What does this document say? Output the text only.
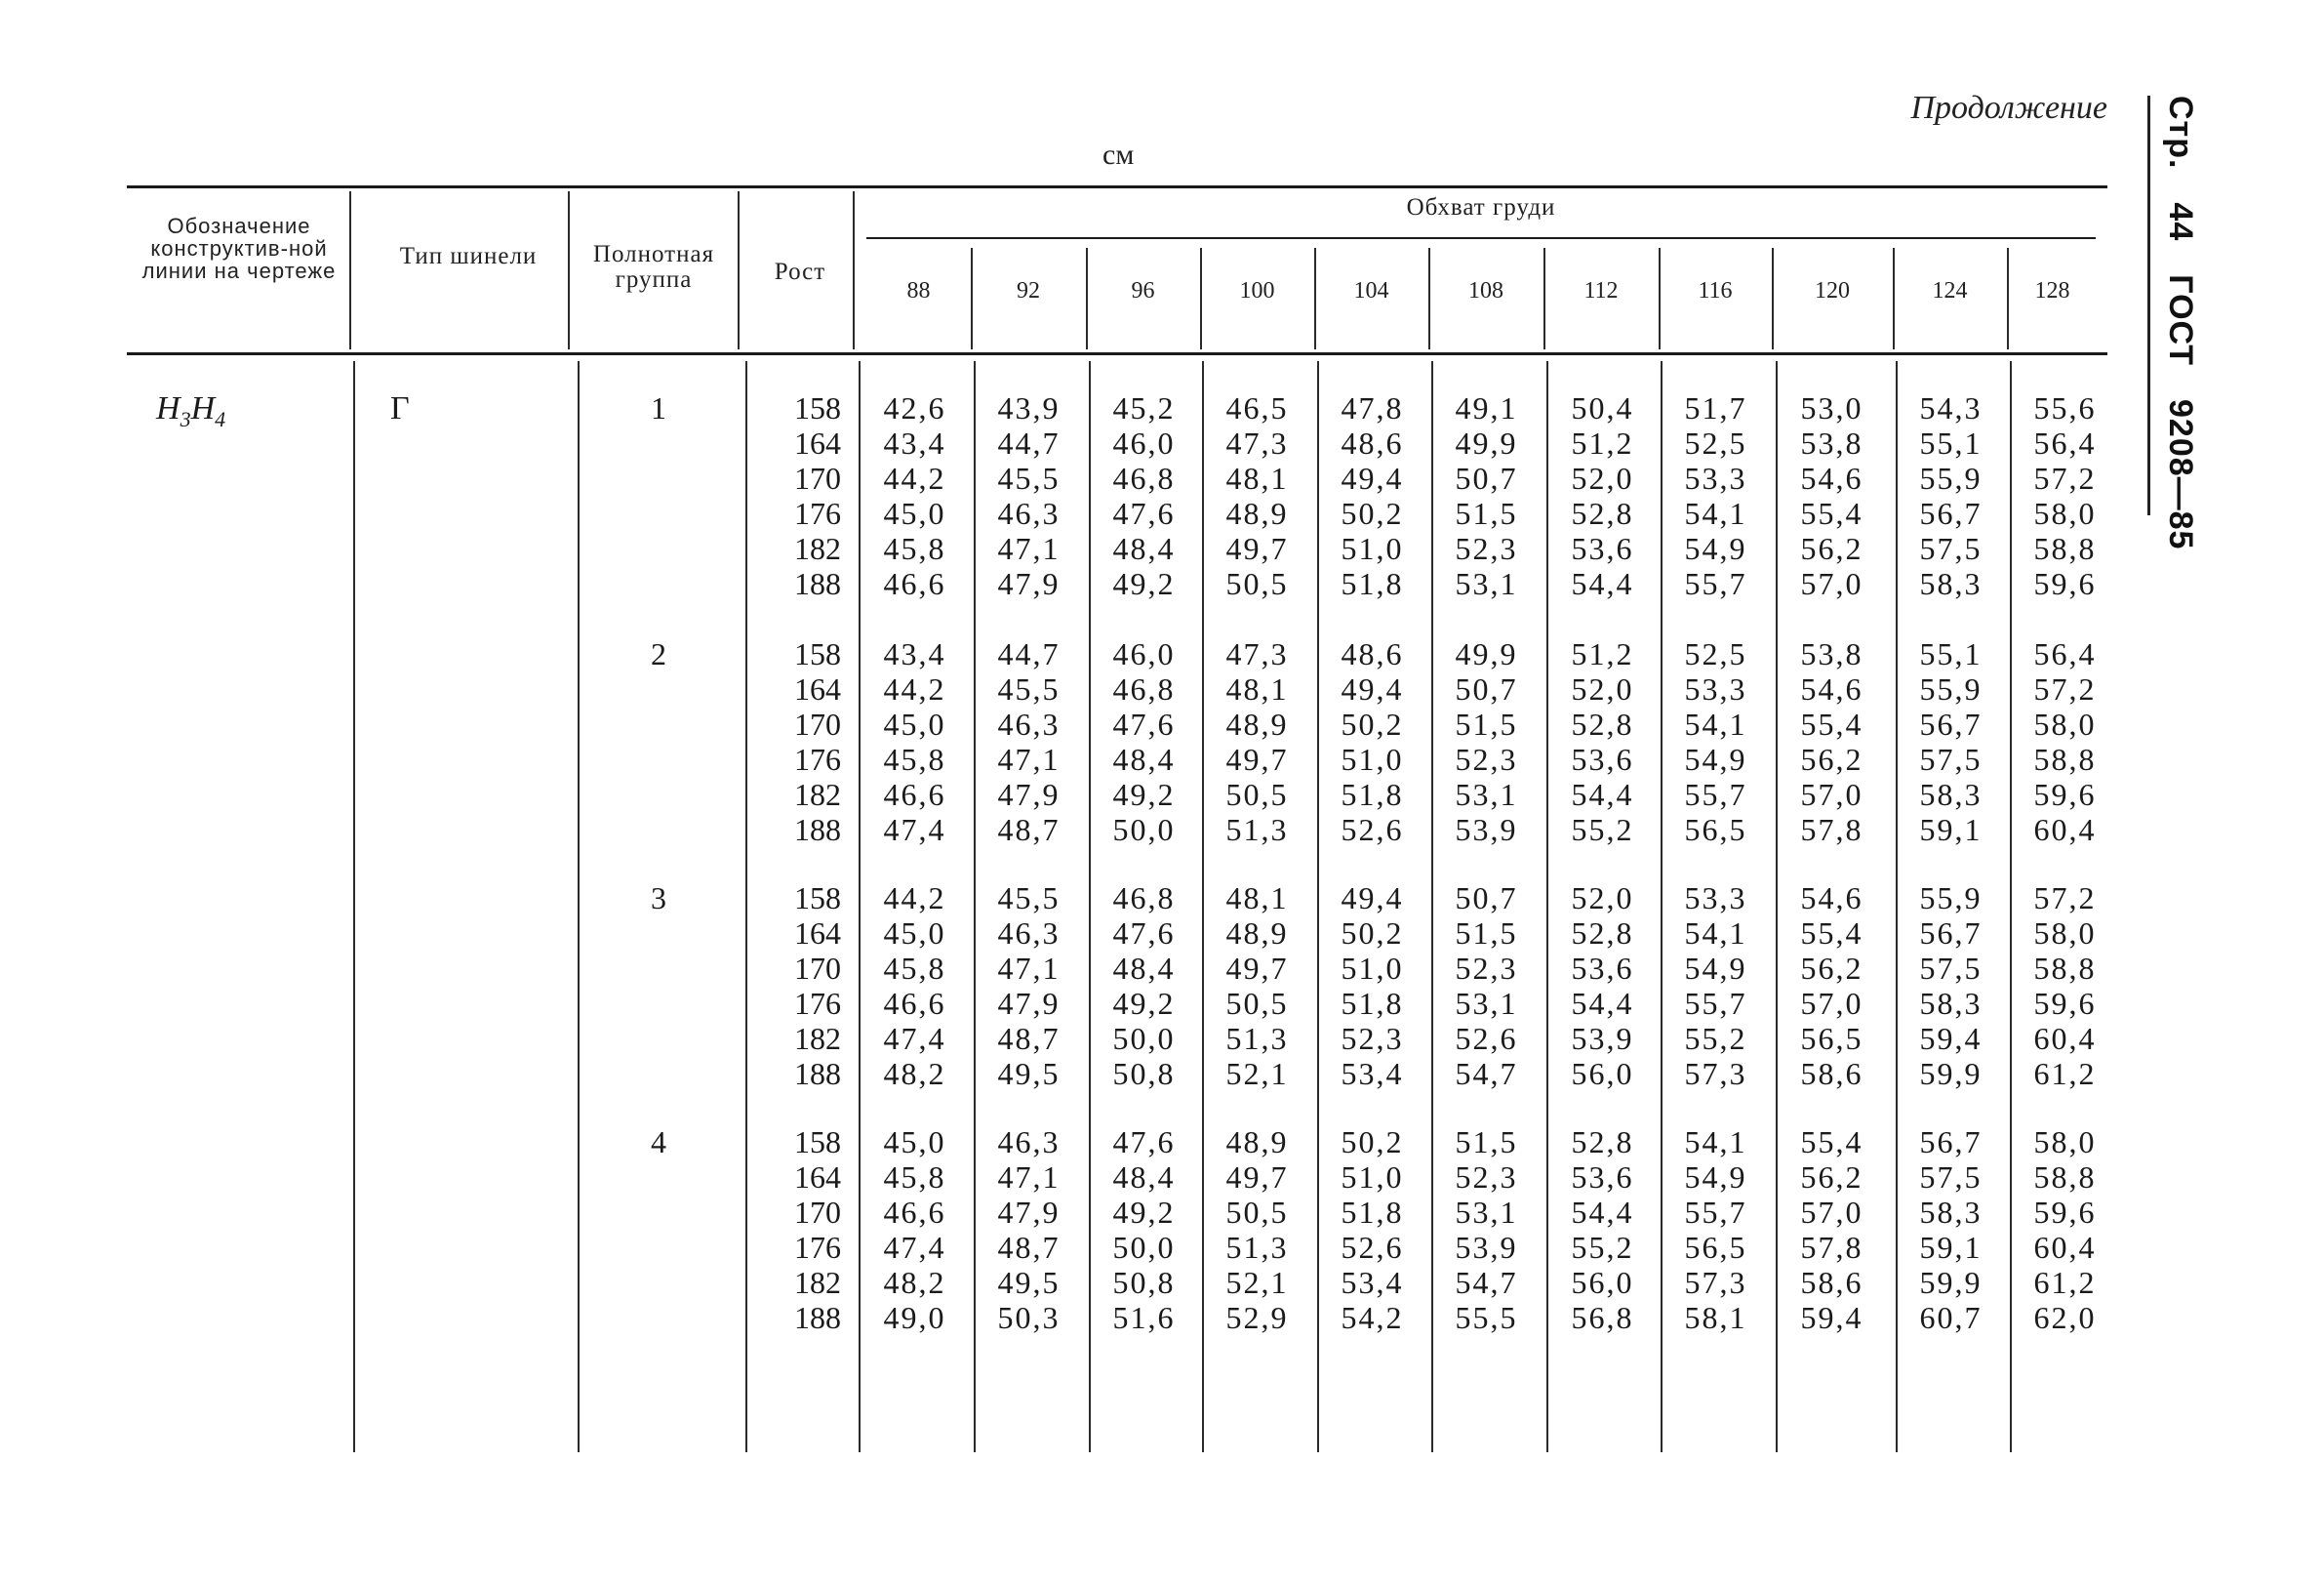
Продолжение
см	Стр.44ГОСТ9208—85
Обозначение конструктив-ной линии на чертеже
Тип шинели	Полнотная группа	Рост
Обхват груди
88	92	96	100	104	108	112	116	120	124	128
$Н_3Н_4$	Г	1	158	42,6	43,9	45,2	46,5	47,8	49,1	50,4	51,7	53,0	54,3	55,6
164	43,4	44,7	46,0	47,3	48,6	49,9	51,2	52,5	53,8	55,1	56,4
170	44,2	45,5	46,8	48,1	49,4	50,7	52,0	53,3	54,6	55,9	57,2
176	45,0	46,3	47,6	48,9	50,2	51,5	52,8	54,1	55,4	56,7	58,0
182	45,8	47,1	48,4	49,7	51,0	52,3	53,6	54,9	56,2	57,5	58,8
188	46,6	47,9	49,2	50,5	51,8	53,1	54,4	55,7	57,0	58,3	59,6
2	158	43,4	44,7	46,0	47,3	48,6	49,9	51,2	52,5	53,8	55,1	56,4
164	44,2	45,5	46,8	48,1	49,4	50,7	52,0	53,3	54,6	55,9	57,2
170	45,0	46,3	47,6	48,9	50,2	51,5	52,8	54,1	55,4	56,7	58,0
176	45,8	47,1	48,4	49,7	51,0	52,3	53,6	54,9	56,2	57,5	58,8
182	46,6	47,9	49,2	50,5	51,8	53,1	54,4	55,7	57,0	58,3	59,6
188	47,4	48,7	50,0	51,3	52,6	53,9	55,2	56,5	57,8	59,1	60,4
3	158	44,2	45,5	46,8	48,1	49,4	50,7	52,0	53,3	54,6	55,9	57,2
164	45,0	46,3	47,6	48,9	50,2	51,5	52,8	54,1	55,4	56,7	58,0
170	45,8	47,1	48,4	49,7	51,0	52,3	53,6	54,9	56,2	57,5	58,8
176	46,6	47,9	49,2	50,5	51,8	53,1	54,4	55,7	57,0	58,3	59,6
182	47,4	48,7	50,0	51,3	52,3	52,6	53,9	55,2	56,5	59,4	60,4
188	48,2	49,5	50,8	52,1	53,4	54,7	56,0	57,3	58,6	59,9	61,2
4	158	45,0	46,3	47,6	48,9	50,2	51,5	52,8	54,1	55,4	56,7	58,0
164	45,8	47,1	48,4	49,7	51,0	52,3	53,6	54,9	56,2	57,5	58,8
170	46,6	47,9	49,2	50,5	51,8	53,1	54,4	55,7	57,0	58,3	59,6
176	47,4	48,7	50,0	51,3	52,6	53,9	55,2	56,5	57,8	59,1	60,4
182	48,2	49,5	50,8	52,1	53,4	54,7	56,0	57,3	58,6	59,9	61,2
188	49,0	50,3	51,6	52,9	54,2	55,5	56,8	58,1	59,4	60,7	62,0
